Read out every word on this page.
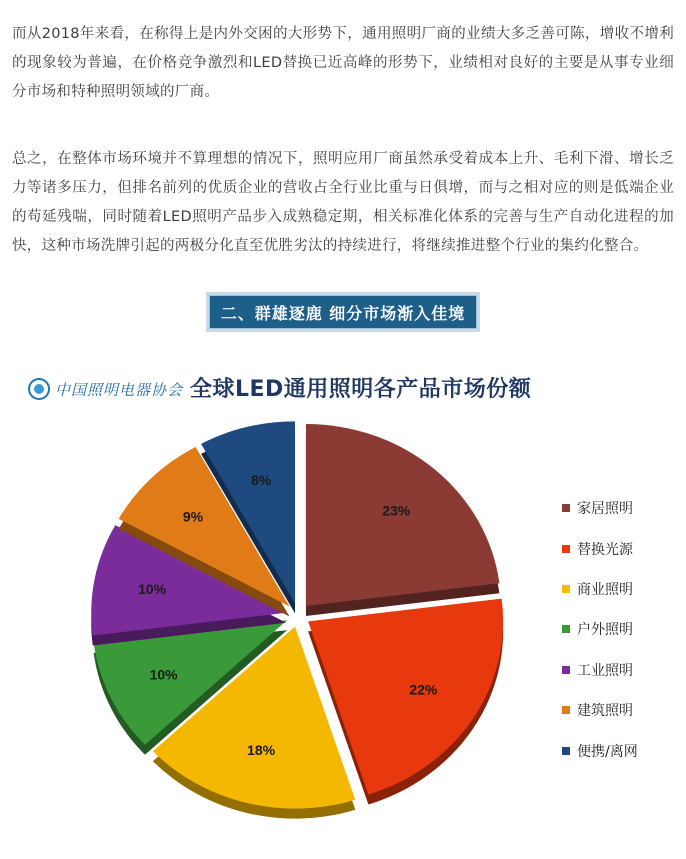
而从2018年来看，在称得上是内外交困的大形势下，通用照明厂商的业绩大多乏善可陈，增收不增利的现象较为普遍，在价格竞争激烈和LED替换已近高峰的形势下，业绩相对良好的主要是从事专业细分市场和特种照明领域的厂商。

总之，在整体市场环境并不算理想的情况下，照明应用厂商虽然承受着成本上升、毛利下滑、增长乏力等诸多压力，但排名前列的优质企业的营收占全行业比重与日俱增，而与之相对应的则是低端企业的苟延残喘，同时随着LED照明产品步入成熟稳定期，相关标准化体系的完善与生产自动化进程的加快，这种市场洗牌引起的两极分化直至优胜劣汰的持续进行，将继续推进整个行业的集约化整合。

二、群雄逐鹿 细分市场渐入佳境
中国照明电器协会 全球LED通用照明各产品市场份额
23%
22%
18%
10%
10%
9%
8%
家居照明
替换光源
商业照明
户外照明
工业照明
建筑照明
便携/离网
